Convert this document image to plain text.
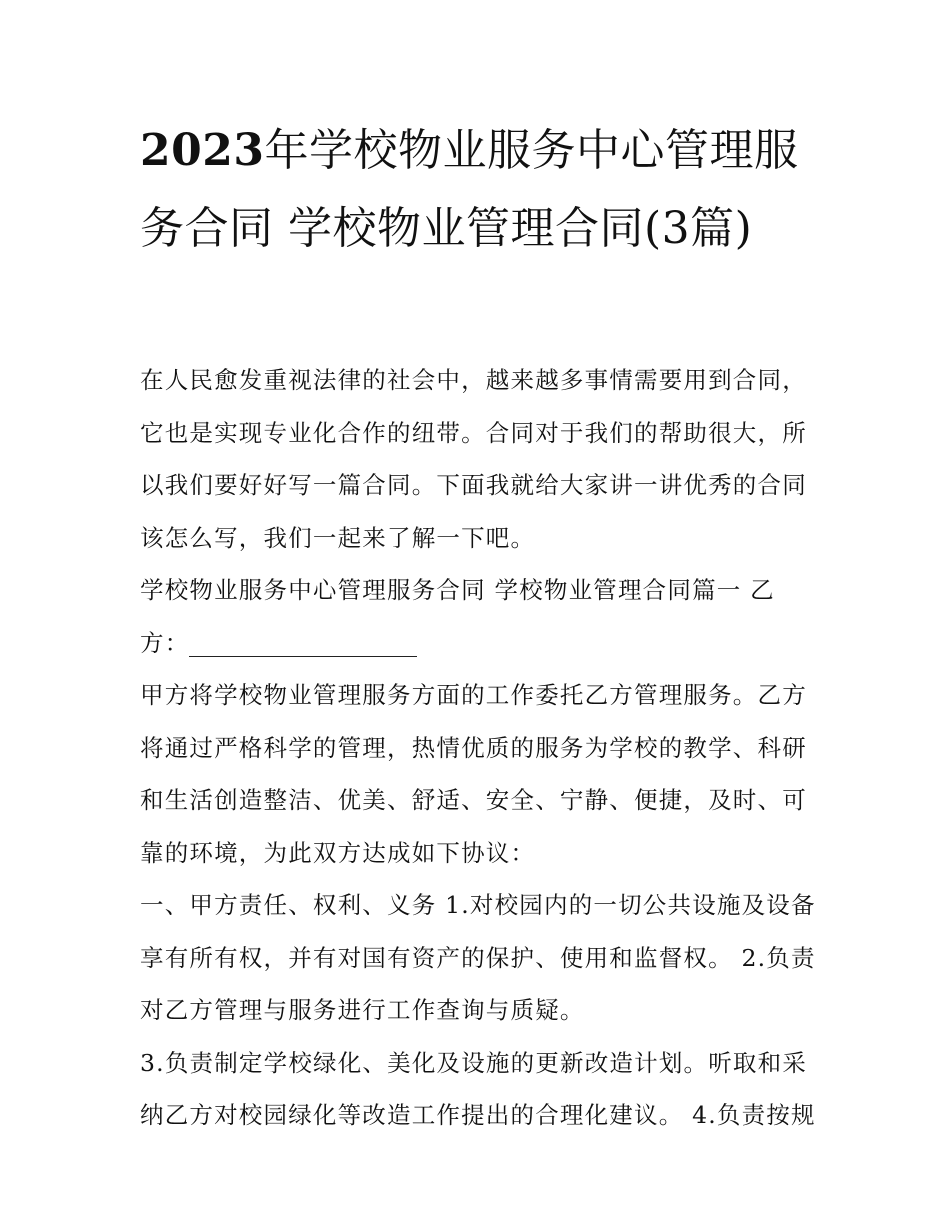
2023年学校物业服务中心管理服务合同 学校物业管理合同(3篇)

在人民愈发重视法律的社会中，越来越多事情需要用到合同，它也是实现专业化合作的纽带。合同对于我们的帮助很大，所以我们要好好写一篇合同。下面我就给大家讲一讲优秀的合同该怎么写，我们一起来了解一下吧。

学校物业服务中心管理服务合同 学校物业管理合同篇一 乙方：

甲方将学校物业管理服务方面的工作委托乙方管理服务。乙方将通过严格科学的管理，热情优质的服务为学校的教学、科研和生活创造整洁、优美、舒适、安全、宁静、便捷，及时、可靠的环境，为此双方达成如下协议：

一、甲方责任、权利、义务 1.对校园内的一切公共设施及设备享有所有权，并有对国有资产的保护、使用和监督权。 2.负责对乙方管理与服务进行工作查询与质疑。

3.负责制定学校绿化、美化及设施的更新改造计划。听取和采纳乙方对校园绿化等改造工作提出的合理化建议。 4.负责按规
